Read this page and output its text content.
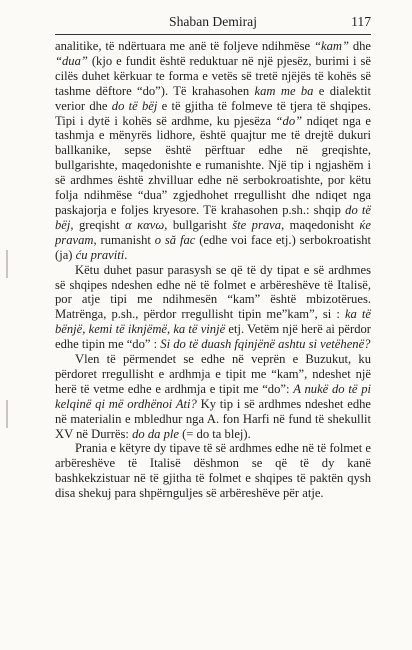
Shaban Demiraj	117

analitike, të ndërtuara me anë të foljeve ndihmëse “kam” dhe “dua” (kjo e fundit është reduktuar në një pjesëz, burimi i së cilës duhet kërkuar te forma e vetës së tretë njëjës të kohës së tashme dëftore “do”). Të krahasohen kam me ba e dialektit verior dhe do të bëj e të gjitha të folmeve të tjera të shqipes. Tipi i dytë i kohës së ardhme, ku pjesëza “do” ndiqet nga e tashmja e mënyrës lidhore, është quajtur me të drejtë dukuri ballkanike, sepse është përftuar edhe në greqishte, bullgarishte, maqedonishte e rumanishte. Një tip i ngjashëm i së ardhmes është zhvilluar edhe në serbokroatishte, por këtu folja ndihmëse “dua” zgjedhohet rregullisht dhe ndiqet nga paskajorja e foljes kryesore. Të krahasohen p.sh.: shqip do të bëj, greqisht α κανω, bullgarisht šte prava, maqedonisht ќe pravam, rumanisht o să fac (edhe voi face etj.) serbokroatisht (ja) ću praviti.

Këtu duhet pasur parasysh se që të dy tipat e së ardhmes së shqipes ndeshen edhe në të folmet e arbëreshëve të Italisë, por atje tipi me ndihmesën “kam” është mbizotërues. Matrënga, p.sh., përdor rregullisht tipin me”kam”, si : ka të bënjë, kemi të iknjëmë, ka të vinjë etj. Vetëm një herë ai përdor edhe tipin me “do” : Si do të duash fqinjënë ashtu si vetëhenë?

Vlen të përmendet se edhe në veprën e Buzukut, ku përdoret rregullisht e ardhmja e tipit me “kam”, ndeshet një herë të vetme edhe e ardhmja e tipit me “do”: A nukë do të pi kelqinë qi më ordhënoi Ati? Ky tip i së ardhmes ndeshet edhe në materialin e mbledhur nga A. fon Harfi në fund të shekullit XV në Durrës: do da ple (= do ta blej).

Prania e këtyre dy tipave të së ardhmes edhe në të folmet e arbëreshëve të Italisë dëshmon se që të dy kanë bashkekzistuar në të gjitha të folmet e shqipes të paktën qysh disa shekuj para shpërnguljes së arbëreshëve për atje.
